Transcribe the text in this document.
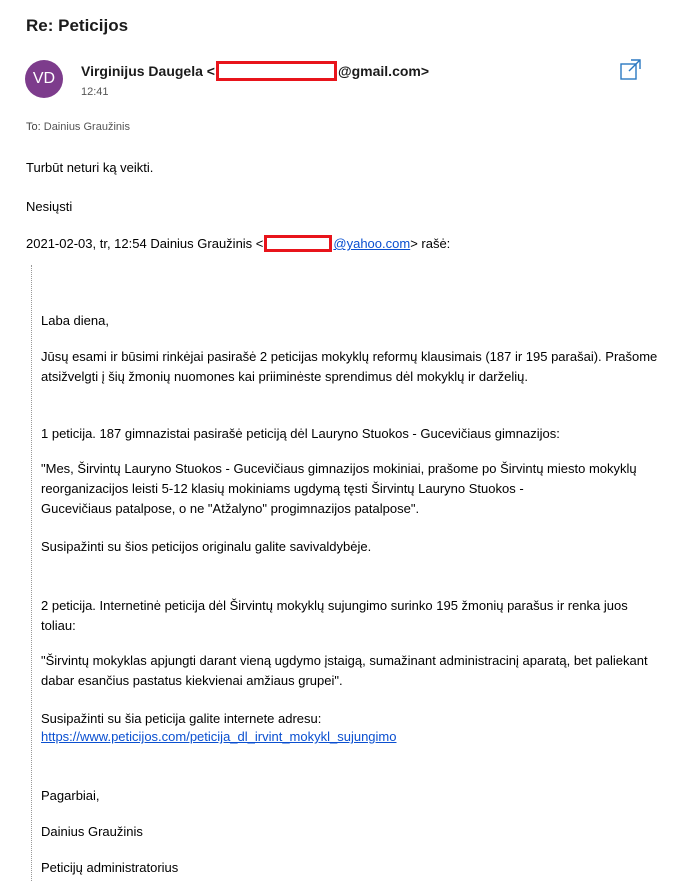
Re: Peticijos
VD	Virginijus Daugela
<	@gmail.com>
12:41
To: Dainius Graužinis
Turbūt neturi ką veikti.
Nesiųsti
2021-02-03, tr, 12:54 Dainius Graužinis <	@yahoo.com > rašė:
Laba diena,
Jūsų esami ir būsimi rinkėjai pasirašė 2 peticijas mokyklų reformų klausimais (187 ir 195 parašai). Prašome atsižvelgti į šių žmonių nuomones kai priiminėste sprendimus dėl mokyklų ir darželių.
1 peticija. 187 gimnazistai pasirašė peticiją dėl Lauryno Stuokos - Gucevičiaus gimnazijos:
"Mes, Širvintų Lauryno Stuokos - Gucevičiaus gimnazijos mokiniai, prašome po Širvintų miesto mokyklų
reorganizacijos leisti 5-12 klasių mokiniams ugdymą tęsti Širvintų Lauryno Stuokos -
Gucevičiaus patalpose, o ne "Atžalyno" progimnazijos patalpose".
Susipažinti su šios peticijos originalu galite savivaldybėje.
2 peticija. Internetinė peticija dėl Širvintų mokyklų sujungimo surinko 195 žmonių parašus ir renka juos toliau:
"Širvintų mokyklas apjungti darant vieną ugdymo įstaigą, sumažinant administracinį aparatą, bet paliekant dabar esančius pastatus kiekvienai amžiaus grupei".
Susipažinti su šia peticija galite internete adresu:
https://www.peticijos.com/peticija_dl_irvint_mokykl_sujungimo
Pagarbiai,
Dainius Graužinis
Peticijų administratorius
